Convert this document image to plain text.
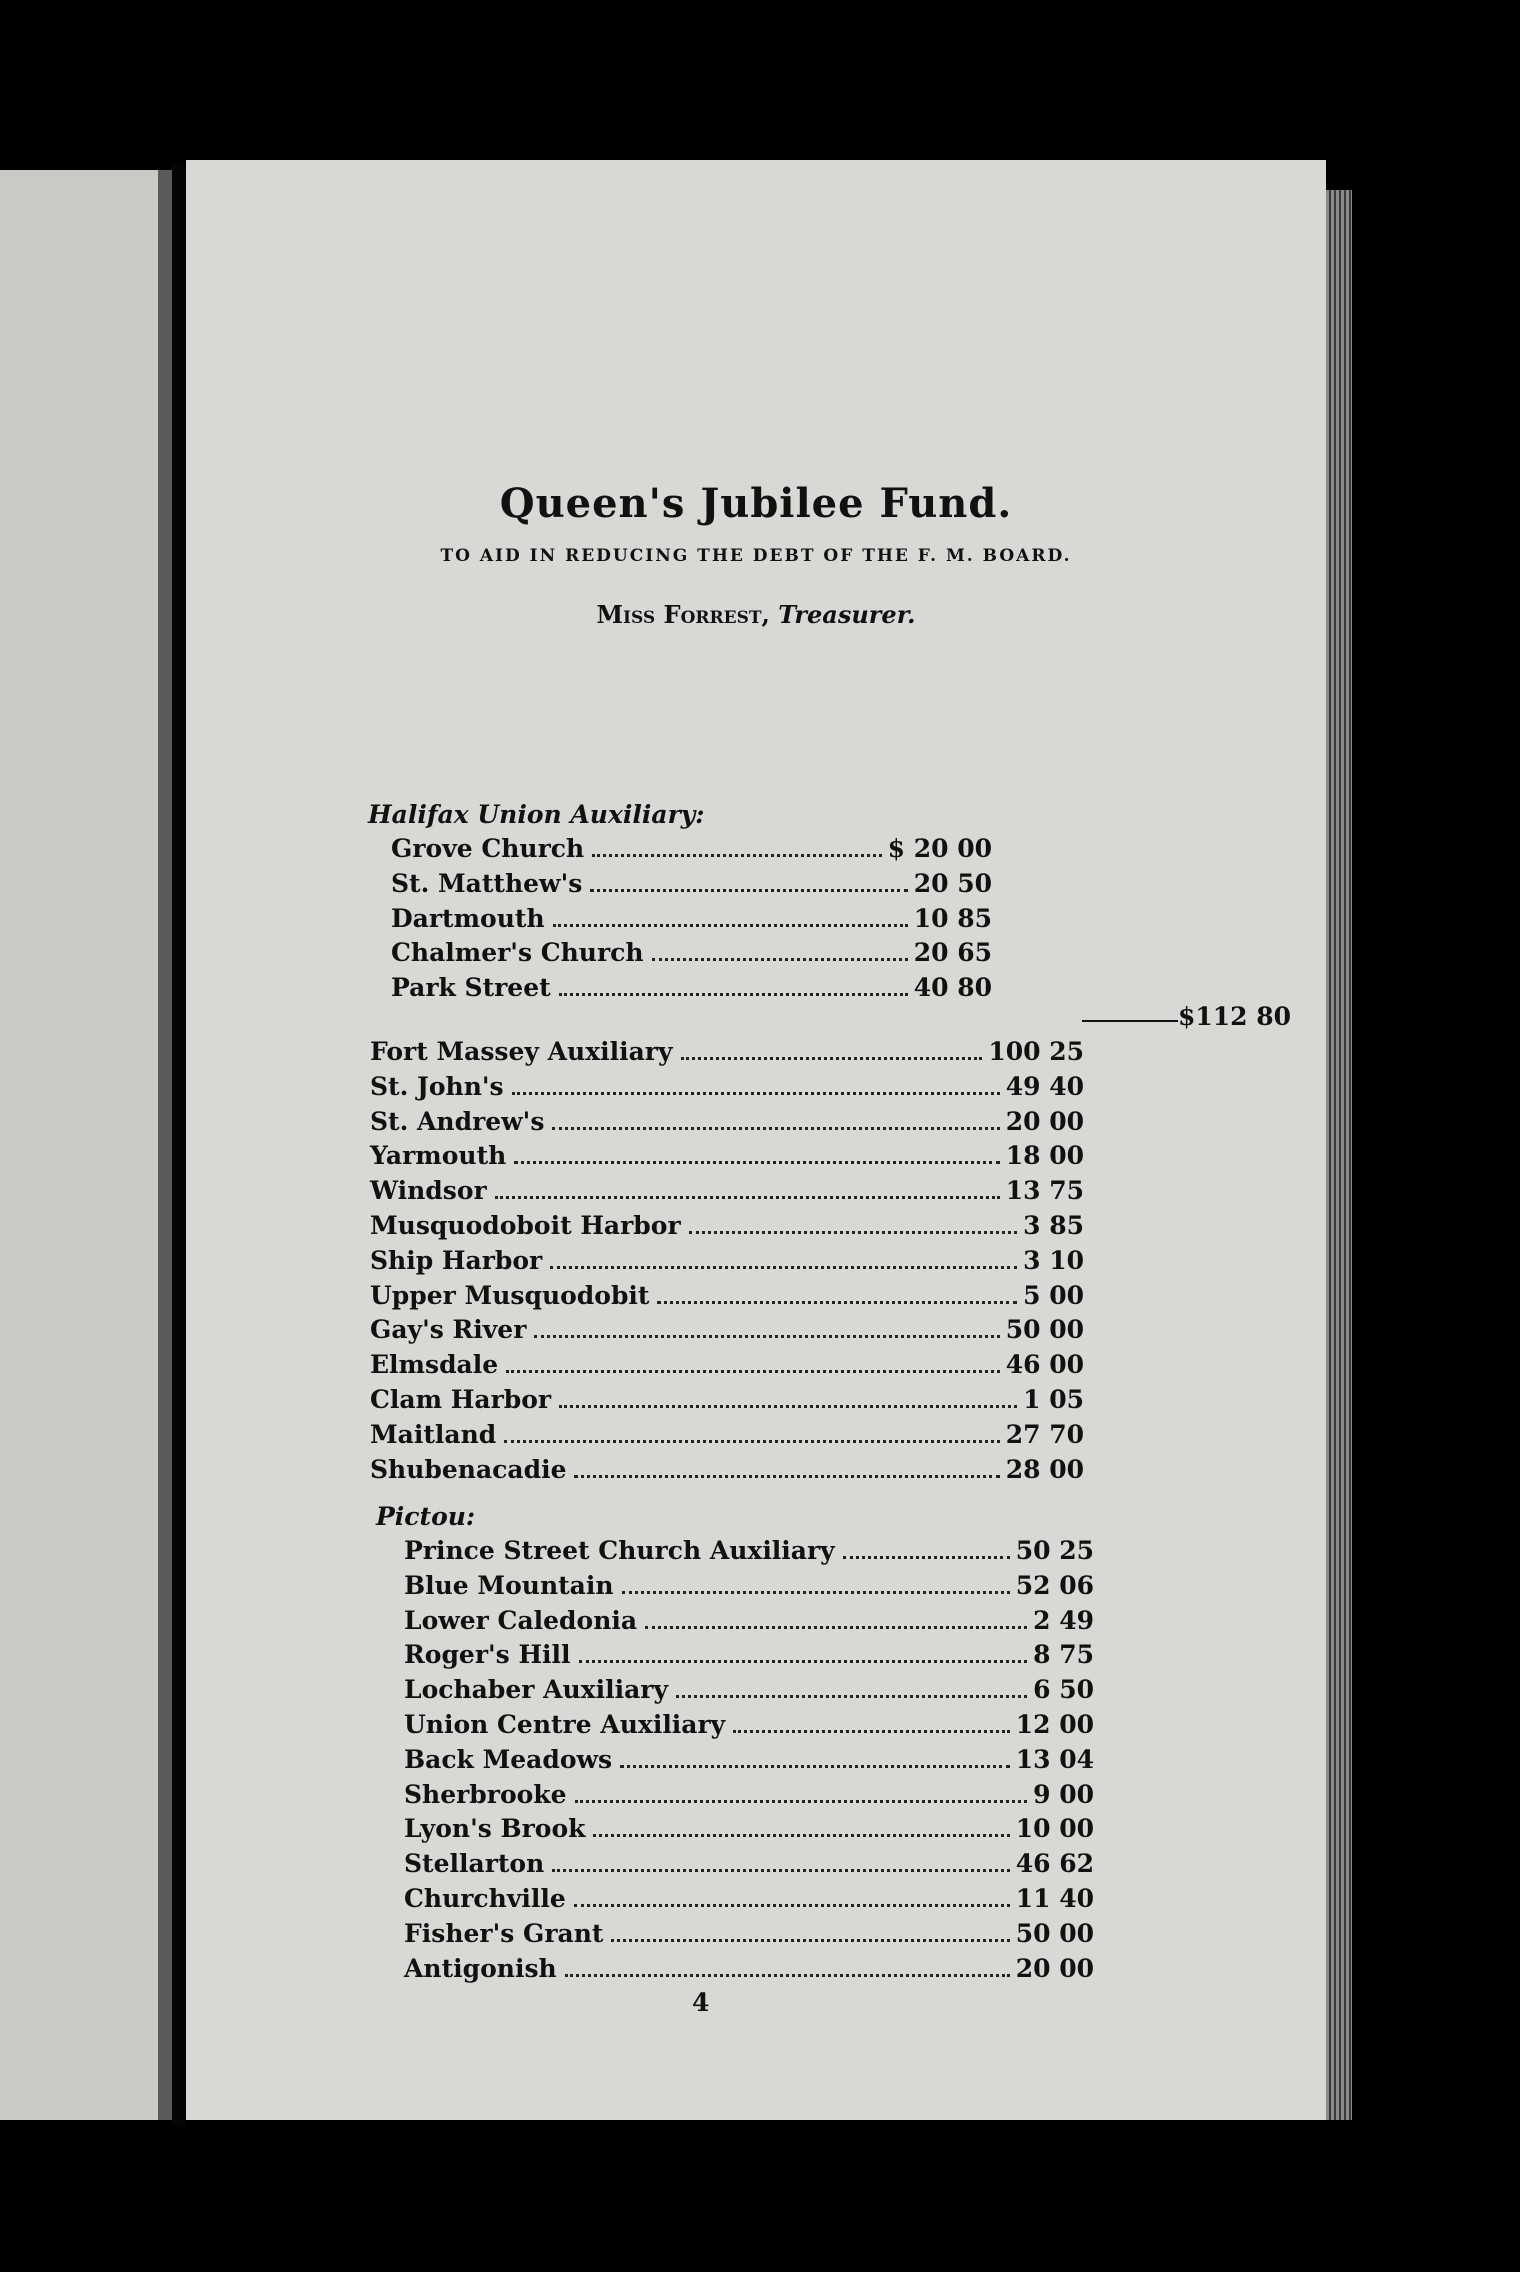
Queen's Jubilee Fund.
TO AID IN REDUCING THE DEBT OF THE F. M. BOARD.
Miss Forrest, Treasurer.
Halifax Union Auxiliary:
Pictou:
$112 80
4
Grove Church	$ 20 00
St. Matthew's	20 50
Dartmouth	10 85
Chalmer's Church	20 65
Park Street	40 80
Fort Massey Auxiliary	100 25
St. John's	49 40
St. Andrew's	20 00
Yarmouth	18 00
Windsor	13 75
Musquodoboit Harbor	3 85
Ship Harbor	3 10
Upper Musquodobit	5 00
Gay's River	50 00
Elmsdale	46 00
Clam Harbor	1 05
Maitland	27 70
Shubenacadie	28 00
Prince Street Church Auxiliary	50 25
Blue Mountain	52 06
Lower Caledonia	2 49
Roger's Hill	8 75
Lochaber Auxiliary	6 50
Union Centre Auxiliary	12 00
Back Meadows	13 04
Sherbrooke	9 00
Lyon's Brook	10 00
Stellarton	46 62
Churchville	11 40
Fisher's Grant	50 00
Antigonish	20 00
